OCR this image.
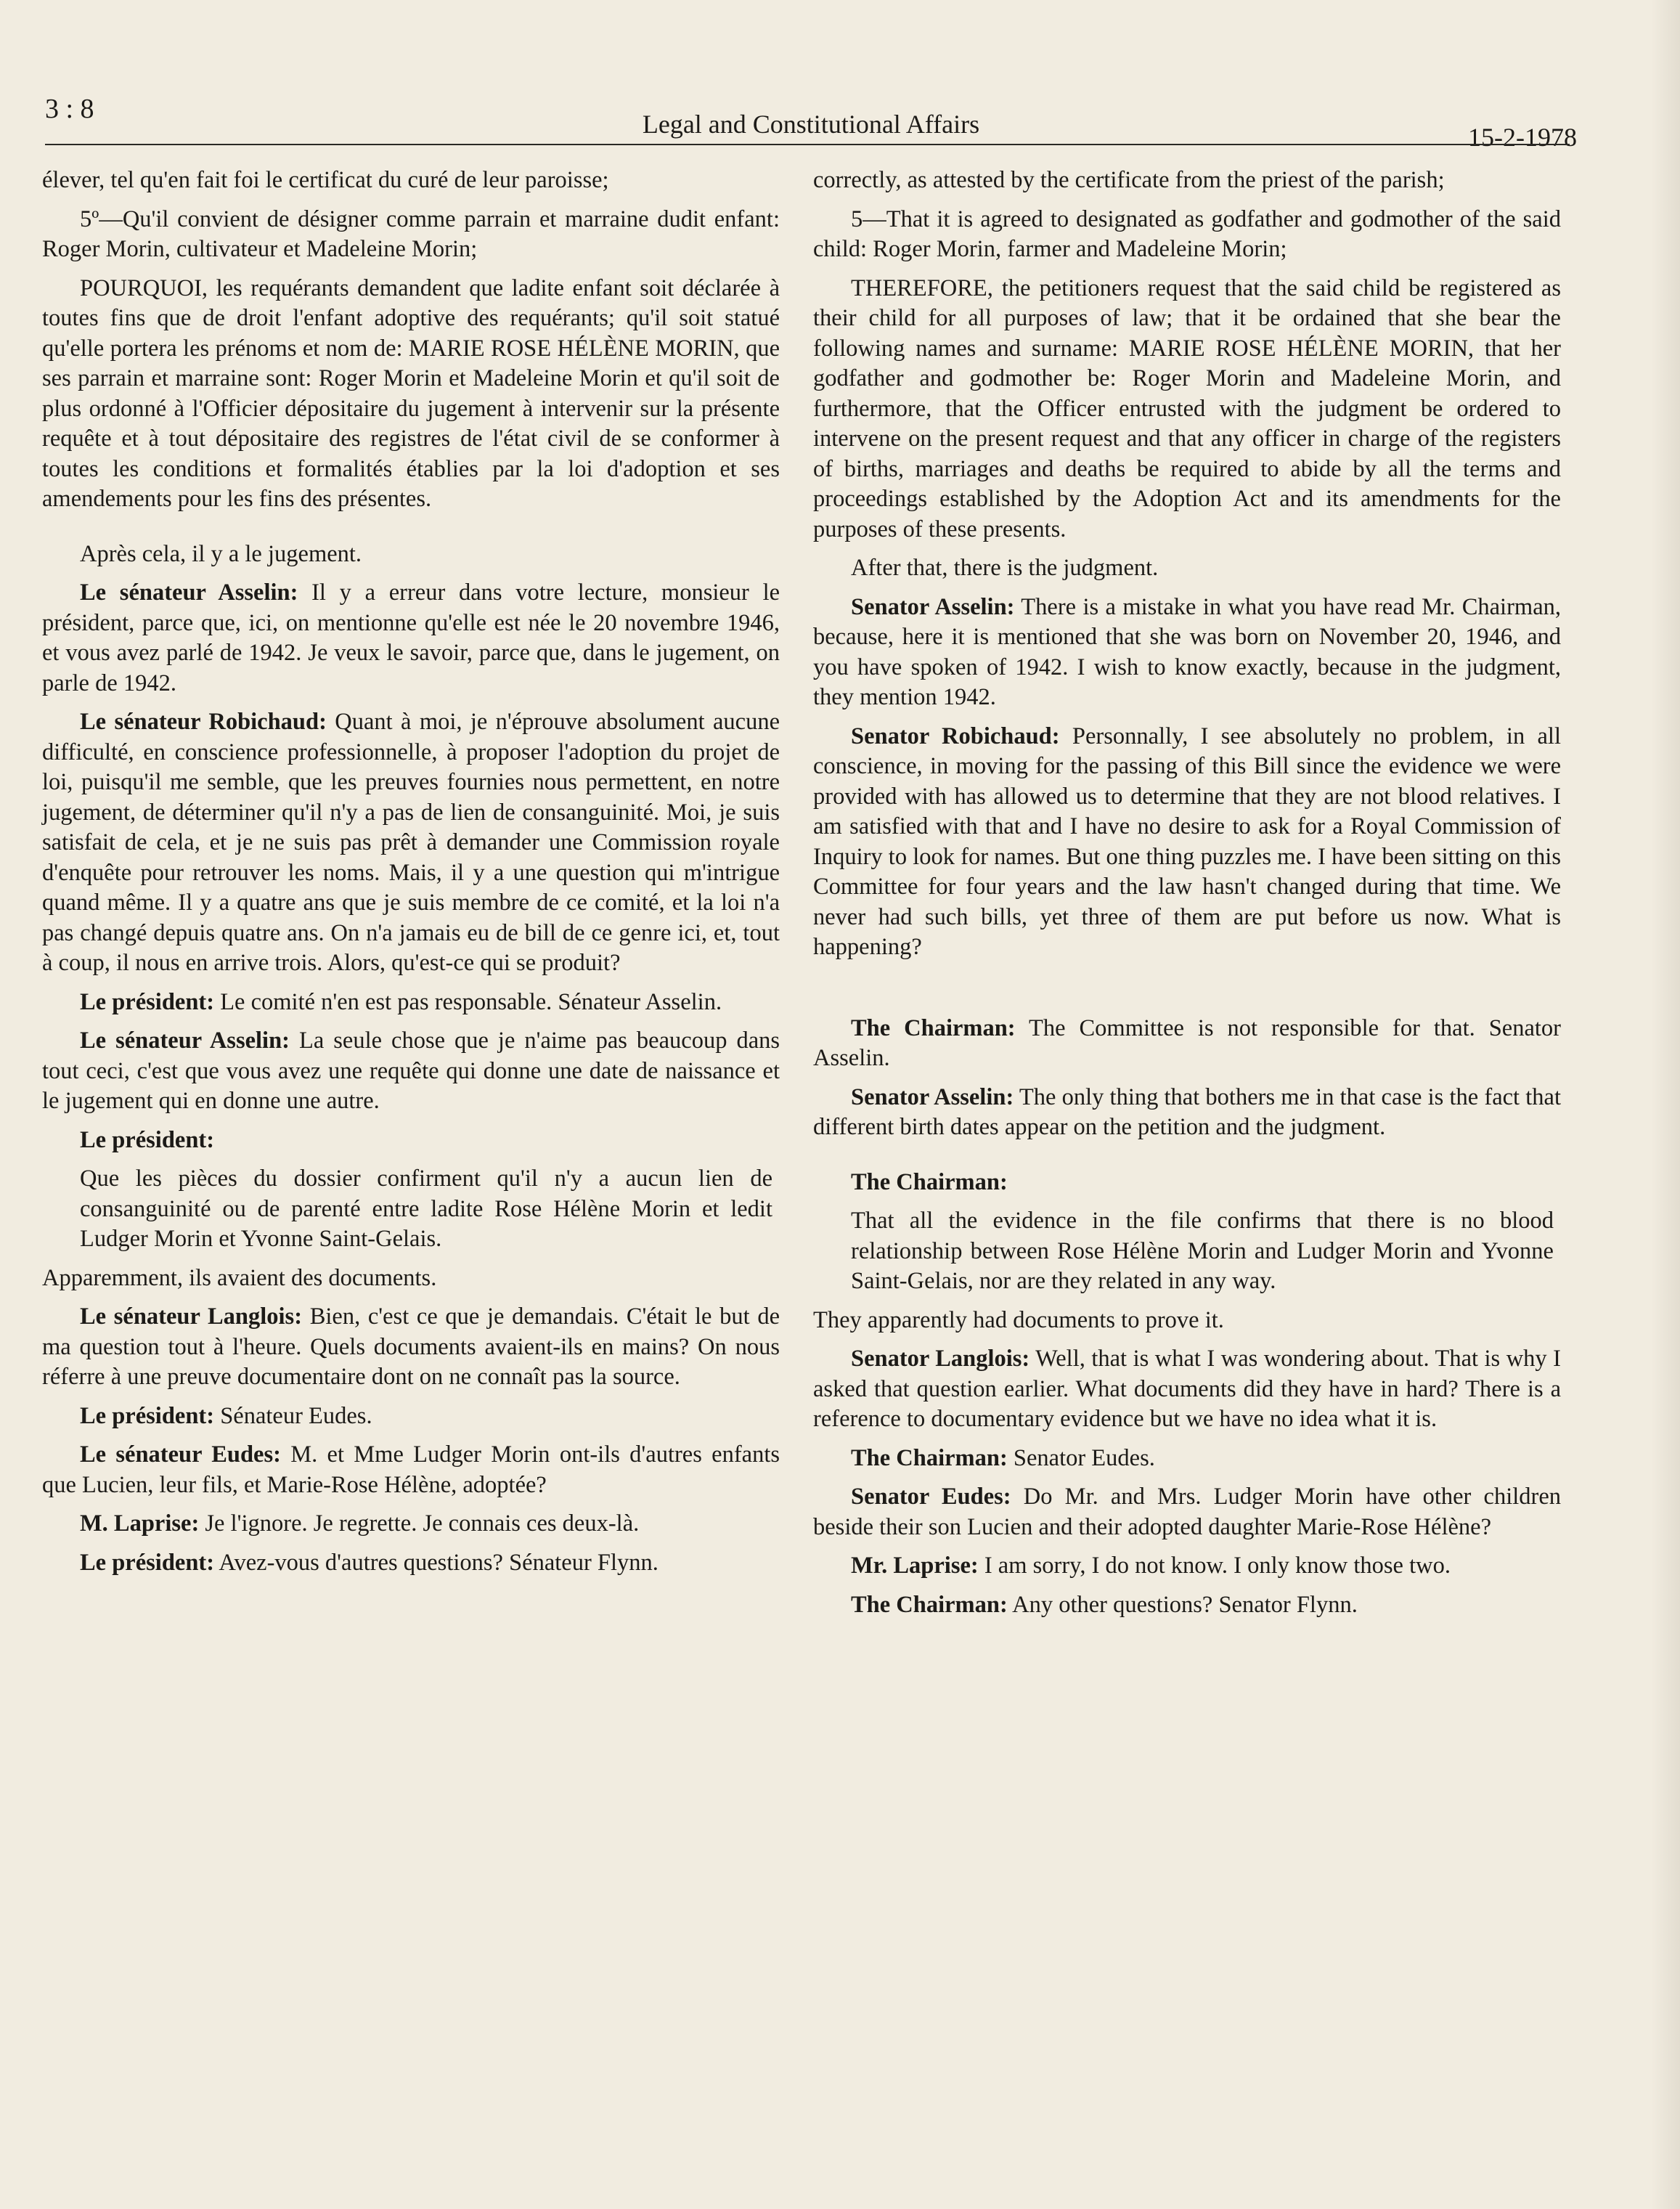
3 : 8	Legal and Constitutional Affairs	15-2-1978

élever, tel qu'en fait foi le certificat du curé de leur paroisse;

5º—Qu'il convient de désigner comme parrain et marraine dudit enfant: Roger Morin, cultivateur et Madeleine Morin;

POURQUOI, les requérants demandent que ladite enfant soit déclarée à toutes fins que de droit l'enfant adoptive des requérants; qu'il soit statué qu'elle portera les prénoms et nom de: MARIE ROSE HÉLÈNE MORIN, que ses parrain et marraine sont: Roger Morin et Madeleine Morin et qu'il soit de plus ordonné à l'Officier dépositaire du jugement à intervenir sur la présente requête et à tout dépositaire des registres de l'état civil de se conformer à toutes les conditions et formalités établies par la loi d'adoption et ses amendements pour les fins des présentes.

Après cela, il y a le jugement.

Le sénateur Asselin: Il y a erreur dans votre lecture, monsieur le président, parce que, ici, on mentionne qu'elle est née le 20 novembre 1946, et vous avez parlé de 1942. Je veux le savoir, parce que, dans le jugement, on parle de 1942.

Le sénateur Robichaud: Quant à moi, je n'éprouve absolument aucune difficulté, en conscience professionnelle, à proposer l'adoption du projet de loi, puisqu'il me semble, que les preuves fournies nous permettent, en notre jugement, de déterminer qu'il n'y a pas de lien de consanguinité. Moi, je suis satisfait de cela, et je ne suis pas prêt à demander une Commission royale d'enquête pour retrouver les noms. Mais, il y a une question qui m'intrigue quand même. Il y a quatre ans que je suis membre de ce comité, et la loi n'a pas changé depuis quatre ans. On n'a jamais eu de bill de ce genre ici, et, tout à coup, il nous en arrive trois. Alors, qu'est-ce qui se produit?

Le président: Le comité n'en est pas responsable. Sénateur Asselin.

Le sénateur Asselin: La seule chose que je n'aime pas beaucoup dans tout ceci, c'est que vous avez une requête qui donne une date de naissance et le jugement qui en donne une autre.

Le président:

Que les pièces du dossier confirment qu'il n'y a aucun lien de consanguinité ou de parenté entre ladite Rose Hélène Morin et ledit Ludger Morin et Yvonne Saint-Gelais.

Apparemment, ils avaient des documents.

Le sénateur Langlois: Bien, c'est ce que je demandais. C'était le but de ma question tout à l'heure. Quels documents avaient-ils en mains? On nous réferre à une preuve documentaire dont on ne connaît pas la source.

Le président: Sénateur Eudes.

Le sénateur Eudes: M. et Mme Ludger Morin ont-ils d'autres enfants que Lucien, leur fils, et Marie-Rose Hélène, adoptée?

M. Laprise: Je l'ignore. Je regrette. Je connais ces deux-là.

Le président: Avez-vous d'autres questions? Sénateur Flynn.

correctly, as attested by the certificate from the priest of the parish;

5—That it is agreed to designated as godfather and godmother of the said child: Roger Morin, farmer and Madeleine Morin;

THEREFORE, the petitioners request that the said child be registered as their child for all purposes of law; that it be ordained that she bear the following names and surname: MARIE ROSE HÉLÈNE MORIN, that her godfather and godmother be: Roger Morin and Madeleine Morin, and furthermore, that the Officer entrusted with the judgment be ordered to intervene on the present request and that any officer in charge of the registers of births, marriages and deaths be required to abide by all the terms and proceedings established by the Adoption Act and its amendments for the purposes of these presents.

After that, there is the judgment.

Senator Asselin: There is a mistake in what you have read Mr. Chairman, because, here it is mentioned that she was born on November 20, 1946, and you have spoken of 1942. I wish to know exactly, because in the judgment, they mention 1942.

Senator Robichaud: Personnally, I see absolutely no problem, in all conscience, in moving for the passing of this Bill since the evidence we were provided with has allowed us to determine that they are not blood relatives. I am satisfied with that and I have no desire to ask for a Royal Commission of Inquiry to look for names. But one thing puzzles me. I have been sitting on this Committee for four years and the law hasn't changed during that time. We never had such bills, yet three of them are put before us now. What is happening?

The Chairman: The Committee is not responsible for that. Senator Asselin.

Senator Asselin: The only thing that bothers me in that case is the fact that different birth dates appear on the petition and the judgment.

The Chairman:

That all the evidence in the file confirms that there is no blood relationship between Rose Hélène Morin and Ludger Morin and Yvonne Saint-Gelais, nor are they related in any way.

They apparently had documents to prove it.

Senator Langlois: Well, that is what I was wondering about. That is why I asked that question earlier. What documents did they have in hard? There is a reference to documentary evidence but we have no idea what it is.

The Chairman: Senator Eudes.

Senator Eudes: Do Mr. and Mrs. Ludger Morin have other children beside their son Lucien and their adopted daughter Marie-Rose Hélène?

Mr. Laprise: I am sorry, I do not know. I only know those two.

The Chairman: Any other questions? Senator Flynn.
